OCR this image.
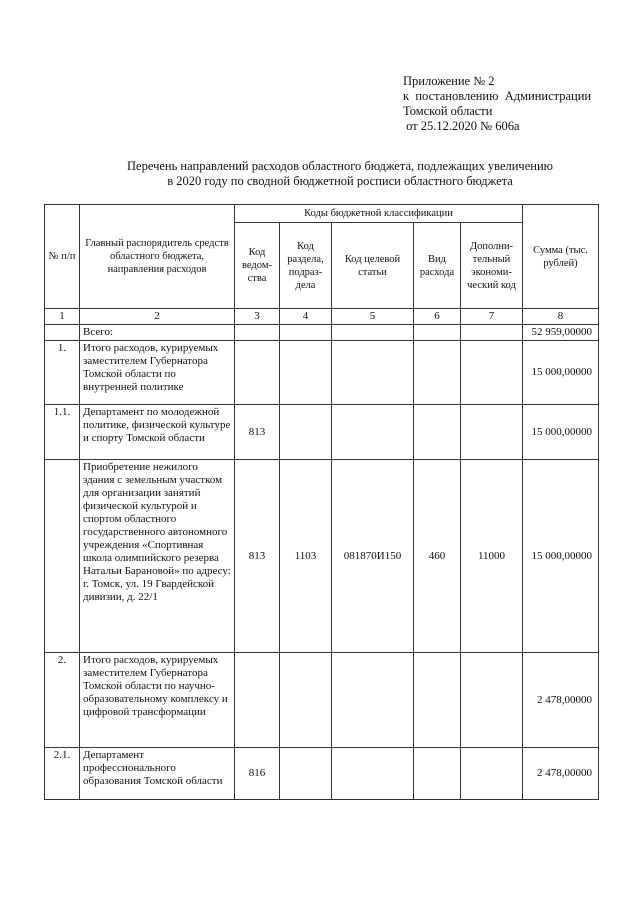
Приложение № 2
к  постановлению  Администрации
Томской области
от 25.12.2020 № 606а
Перечень направлений расходов областного бюджета, подлежащих увеличению
в 2020 году по сводной бюджетной росписи областного бюджета
№ п/п	Главный распорядитель средств областного бюджета, направления расходов	Коды бюджетной классификации					Сумма (тыс. рублей)
		Код ведом-ства	Код раздела, подраз-дела	Код целевой статьи	Вид расхода	Дополни-тельный экономи-ческий код	
1	2	3	4	5	6	7	8
	Всего:						52 959,00000
1.	Итого расходов, курируемых заместителем Губернатора Томской области по внутренней политике						15 000,00000
1.1.	Департамент по молодежной политике, физической культуре и спорту Томской области	813					15 000,00000
	Приобретение нежилого здания с земельным участком для организации занятий физической культурой и спортом областного государственного автономного учреждения «Спортивная школа олимпийского резерва Натальи Барановой» по адресу: г. Томск, ул. 19 Гвардейской дивизии, д. 22/1	813	1103	081870И150	460	11000	15 000,00000
2.	Итого расходов, курируемых заместителем Губернатора Томской области по научно-образовательному комплексу и цифровой трансформации						2 478,00000
2.1.	Департамент профессионального образования Томской области	816					2 478,00000
